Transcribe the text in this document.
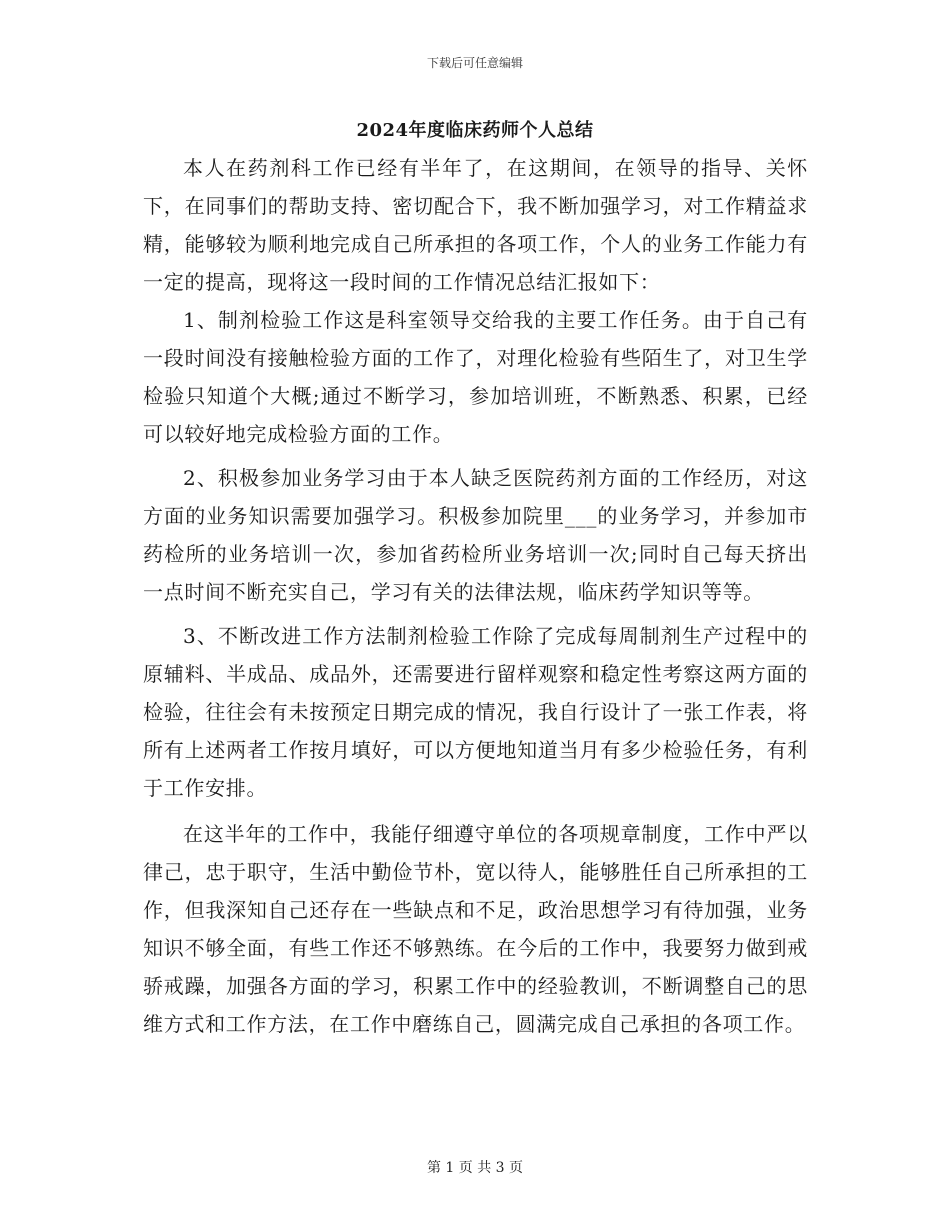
下载后可任意编辑
2024年度临床药师个人总结

本人在药剂科工作已经有半年了，在这期间，在领导的指导、关怀下，在同事们的帮助支持、密切配合下，我不断加强学习，对工作精益求精，能够较为顺利地完成自己所承担的各项工作，个人的业务工作能力有一定的提高，现将这一段时间的工作情况总结汇报如下：

1、制剂检验工作这是科室领导交给我的主要工作任务。由于自己有一段时间没有接触检验方面的工作了，对理化检验有些陌生了，对卫生学检验只知道个大概;通过不断学习，参加培训班，不断熟悉、积累，已经可以较好地完成检验方面的工作。

2、积极参加业务学习由于本人缺乏医院药剂方面的工作经历，对这方面的业务知识需要加强学习。积极参加院里___的业务学习，并参加市药检所的业务培训一次，参加省药检所业务培训一次;同时自己每天挤出一点时间不断充实自己，学习有关的法律法规，临床药学知识等等。

3、不断改进工作方法制剂检验工作除了完成每周制剂生产过程中的原辅料、半成品、成品外，还需要进行留样观察和稳定性考察这两方面的检验，往往会有未按预定日期完成的情况，我自行设计了一张工作表，将所有上述两者工作按月填好，可以方便地知道当月有多少检验任务，有利于工作安排。

在这半年的工作中，我能仔细遵守单位的各项规章制度，工作中严以律己，忠于职守，生活中勤俭节朴，宽以待人，能够胜任自己所承担的工作，但我深知自己还存在一些缺点和不足，政治思想学习有待加强，业务知识不够全面，有些工作还不够熟练。在今后的工作中，我要努力做到戒骄戒躁，加强各方面的学习，积累工作中的经验教训，不断调整自己的思维方式和工作方法，在工作中磨练自己，圆满完成自己承担的各项工作。

第 1 页 共 3 页
